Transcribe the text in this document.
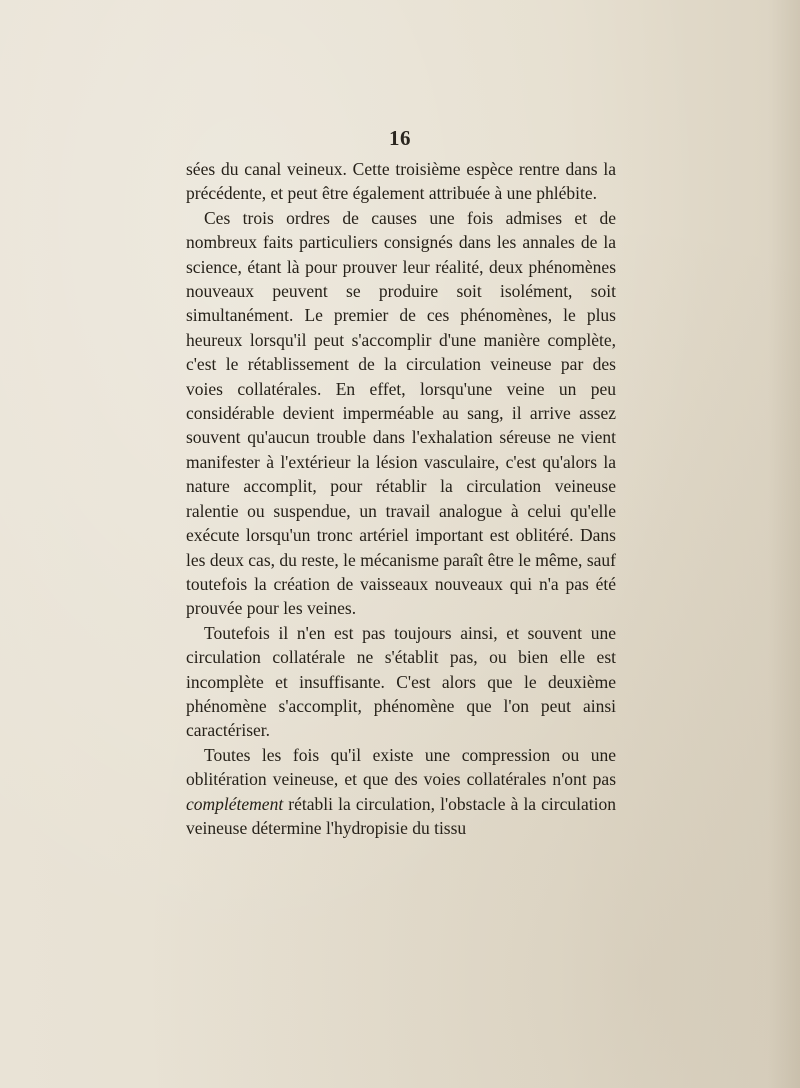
16

sées du canal veineux. Cette troisième espèce rentre dans la précédente, et peut être également attribuée à une phlébite.

Ces trois ordres de causes une fois admises et de nombreux faits particuliers consignés dans les annales de la science, étant là pour prouver leur réalité, deux phénomènes nouveaux peuvent se produire soit isolément, soit simultanément. Le premier de ces phénomènes, le plus heureux lorsqu'il peut s'accomplir d'une manière complète, c'est le rétablissement de la circulation veineuse par des voies collatérales. En effet, lorsqu'une veine un peu considérable devient imperméable au sang, il arrive assez souvent qu'aucun trouble dans l'exhalation séreuse ne vient manifester à l'extérieur la lésion vasculaire, c'est qu'alors la nature accomplit, pour rétablir la circulation veineuse ralentie ou suspendue, un travail analogue à celui qu'elle exécute lorsqu'un tronc artériel important est oblitéré. Dans les deux cas, du reste, le mécanisme paraît être le même, sauf toutefois la création de vaisseaux nouveaux qui n'a pas été prouvée pour les veines.

Toutefois il n'en est pas toujours ainsi, et souvent une circulation collatérale ne s'établit pas, ou bien elle est incomplète et insuffisante. C'est alors que le deuxième phénomène s'accomplit, phénomène que l'on peut ainsi caractériser.

Toutes les fois qu'il existe une compression ou une oblitération veineuse, et que des voies collatérales n'ont pas complétement rétabli la circulation, l'obstacle à la circulation veineuse détermine l'hydropisie du tissu
